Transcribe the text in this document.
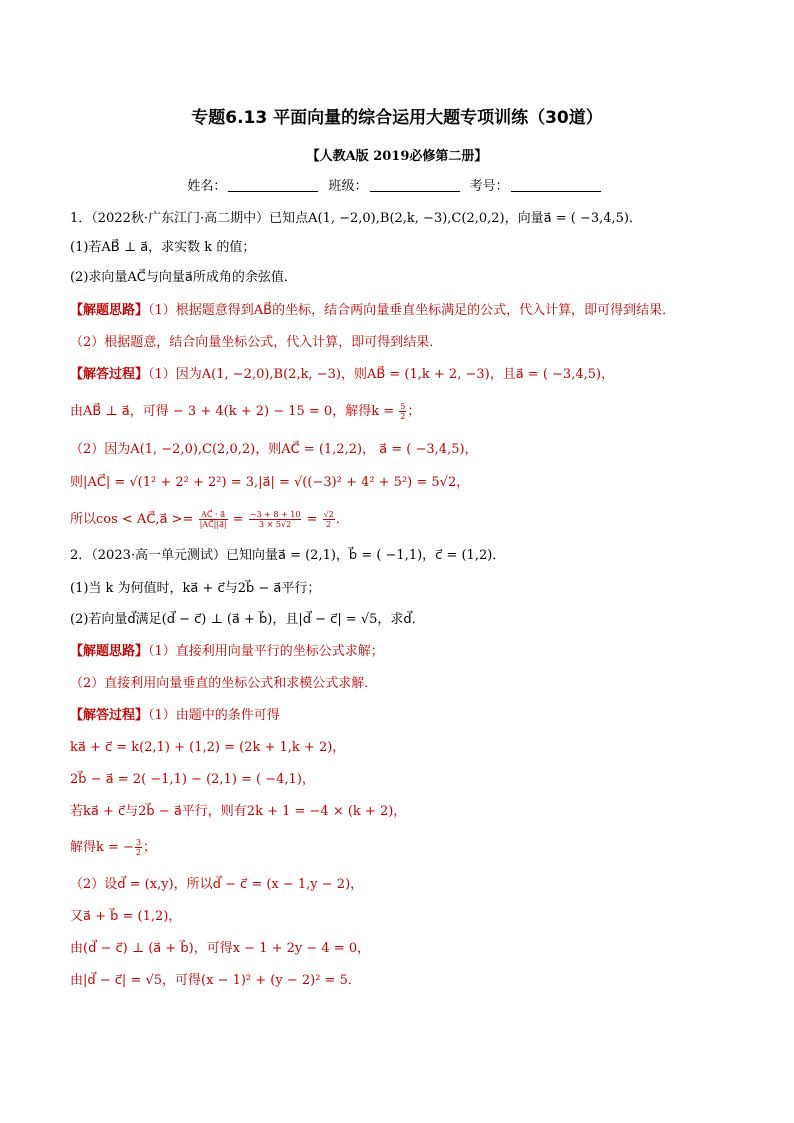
专题6.13 平面向量的综合运用大题专项训练（30道）
【人教A版 2019必修第二册】
姓名：	班级：	考号：
1．（2022秋·广东江门·高二期中）已知点A(1, −2,0),B(2,k, −3),C(2,0,2)，向量a⃗ = ( −3,4,5)．
(1)若AB⃗ ⊥ a⃗，求实数 k 的值；
(2)求向量AC⃗与向量a⃗所成角的余弦值．
【解题思路】（1）根据题意得到AB⃗的坐标，结合两向量垂直坐标满足的公式，代入计算，即可得到结果．
（2）根据题意，结合向量坐标公式，代入计算，即可得到结果．
【解答过程】（1）因为A(1, −2,0),B(2,k, −3)，则AB⃗ = (1,k + 2, −3)，且a⃗ = ( −3,4,5)，
由AB⃗ ⊥ a⃗，可得 − 3 + 4(k + 2) − 15 = 0，解得$k = \frac{5}{2}$ ；
（2）因为A(1, −2,0),C(2,0,2)，则AC⃗ = (1,2,2)， a⃗ = ( −3,4,5)，
则|AC⃗| = √(1² + 2² + 2²) = 3,|a⃗| = √((−3)² + 4² + 5²) = 5√2，
所以cos < AC⃗,a⃗ >= $\frac{AC⃗ \cdot a⃗}{|AC⃗||a⃗|} = \frac{-3 + 8 + 10}{3 \times 5√2} = \frac{√2}{2}$ ．
2．（2023·高一单元测试）已知向量a⃗ = (2,1)，b⃗ = ( −1,1)，c⃗ = (1,2)．
(1)当 k 为何值时，ka⃗ + c⃗与2b⃗ − a⃗平行；
(2)若向量d⃗满足(d⃗ − c⃗) ⊥ (a⃗ + b⃗)，且|d⃗ − c⃗| = √5，求d⃗．
【解题思路】（1）直接利用向量平行的坐标公式求解；
（2）直接利用向量垂直的坐标公式和求模公式求解．
【解答过程】（1）由题中的条件可得
ka⃗ + c⃗ = k(2,1) + (1,2) = (2k + 1,k + 2)，
2b⃗ − a⃗ = 2( −1,1) − (2,1) = ( −4,1)，
若ka⃗ + c⃗与2b⃗ − a⃗平行，则有2k + 1 = −4 × (k + 2)，
解得k = − $\frac{3}{2}$ ；
（2）设d⃗ = (x,y)，所以d⃗ − c⃗ = (x − 1,y − 2)，
又a⃗ + b⃗ = (1,2)，
由(d⃗ − c⃗) ⊥ (a⃗ + b⃗)，可得x − 1 + 2y − 4 = 0，
由|d⃗ − c⃗| = √5，可得(x − 1)² + (y − 2)² = 5．
